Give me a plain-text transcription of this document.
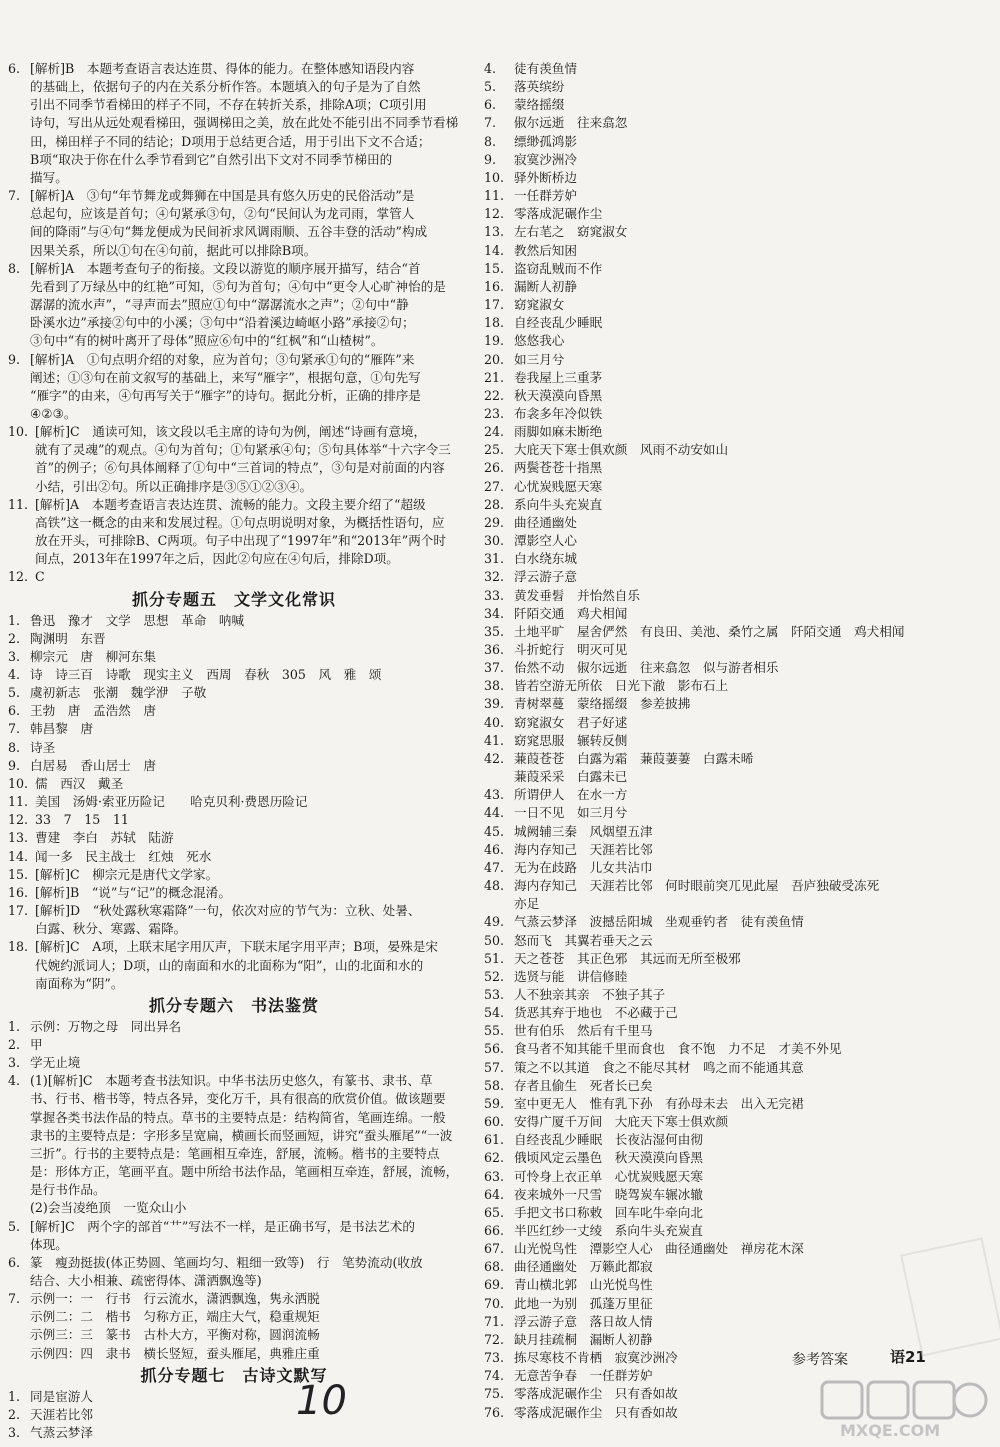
6. [解析]B　本题考查语言表达连贯、得体的能力。在整体感知语段内容
的基础上，依据句子的内在关系分析作答。本题填入的句子是为了自然
引出不同季节看梯田的样子不同，不存在转折关系，排除A项；C项引用
诗句，写出从远处观看梯田，强调梯田之美，放在此处不能引出不同季节看梯
田，梯田样子不同的结论；D项用于总结更合适，用于引出下文不合适；
B项“取决于你在什么季节看到它”自然引出下文对不同季节梯田的
描写。
7. [解析]A　③句“年节舞龙或舞狮在中国是具有悠久历史的民俗活动”是
总起句，应该是首句；④句紧承③句，②句“民间认为龙司雨，掌管人
间的降雨”与④句“舞龙便成为民间祈求风调雨顺、五谷丰登的活动”构成
因果关系，所以①句在④句前，据此可以排除B项。
8. [解析]A　本题考查句子的衔接。文段以游览的顺序展开描写，结合“首
先看到了万绿丛中的红艳”可知，⑤句为首句；④句中“更令人心旷神怡的是
潺潺的流水声”，“寻声而去”照应①句中“潺潺流水之声”；②句中“静
卧溪水边”承接②句中的小溪；③句中“沿着溪边崎岖小路”承接②句；
③句中“有的树叶离开了母体”照应⑥句中的“红枫”和“山楂树”。
9. [解析]A　①句点明介绍的对象，应为首句；③句紧承①句的“雁阵”来
阐述；①③句在前文叙写的基础上，来写“雁字”，根据句意，①句先写
“雁字”的由来，④句再写关于“雁字”的诗句。据此分析，正确的排序是
④②③。
10. [解析]C　通读可知，该文段以毛主席的诗句为例，阐述“诗画有意境，
就有了灵魂”的观点。④句为首句；①句紧承④句；⑤句具体举“十六字令三
首”的例子；⑥句具体阐释了①句中“三首词的特点”，③句是对前面的内容
小结，引出②句。所以正确排序是③⑤①②③④。
11. [解析]A　本题考查语言表达连贯、流畅的能力。文段主要介绍了“超级
高铁”这一概念的由来和发展过程。①句点明说明对象，为概括性语句，应
放在开头，可排除B、C两项。句子中出现了“1997年”和“2013年”两个时
间点，2013年在1997年之后，因此②句应在④句后，排除D项。
12. C
抓分专题五　文学文化常识
1. 鲁迅　豫才　文学　思想　革命　呐喊
2. 陶渊明　东晋
3. 柳宗元　唐　柳河东集
4. 诗　诗三百　诗歌　现实主义　西周　春秋　305　风　雅　颂
5. 虞初新志　张潮　魏学洢　子敬
6. 王勃　唐　孟浩然　唐
7. 韩昌黎　唐
8. 诗圣
9. 白居易　香山居士　唐
10. 儒　西汉　戴圣
11. 美国　汤姆·索亚历险记　　哈克贝利·费恩历险记
12. 33　7　15　11
13. 曹建　李白　苏轼　陆游
14. 闻一多　民主战士　红烛　死水
15. [解析]C　柳宗元是唐代文学家。
16. [解析]B　“说”与“记”的概念混淆。
17. [解析]D　“秋处露秋寒霜降”一句，依次对应的节气为：立秋、处暑、
白露、秋分、寒露、霜降。
18. [解析]C　A项，上联末尾字用仄声，下联末尾字用平声；B项，晏殊是宋
代婉约派词人；D项，山的南面和水的北面称为“阳”，山的北面和水的
南面称为“阴”。
抓分专题六　书法鉴赏
1. 示例：万物之母　同出异名
2. 甲
3. 学无止境
4. (1)[解析]C　本题考查书法知识。中华书法历史悠久，有篆书、隶书、草
书、行书、楷书等，特点各异，变化万千，具有很高的欣赏价值。做该题要
掌握各类书法作品的特点。草书的主要特点是：结构简省，笔画连绵。一般
隶书的主要特点是：字形多呈宽扁，横画长而竖画短，讲究“蚕头雁尾”“一波
三折”。行书的主要特点是：笔画相互牵连，舒展，流畅。楷书的主要特点
是：形体方正，笔画平直。题中所给书法作品，笔画相互牵连，舒展，流畅，
是行书作品。
(2)会当凌绝顶　一览众山小
5. [解析]C　两个字的部首“艹”写法不一样，是正确书写，是书法艺术的
体现。
6. 篆　瘦劲挺拔(体正势圆、笔画均匀、粗细一致等)　行　笔势流动(收放
结合、大小相兼、疏密得体、潇洒飘逸等)
7. 示例一：一　行书　行云流水，潇洒飘逸，隽永洒脱
示例二：二　楷书　匀称方正，端庄大气，稳重规矩
示例三：三　篆书　古朴大方，平衡对称，圆润流畅
示例四：四　隶书　横长竖短，蚕头雁尾，典雅庄重
抓分专题七　古诗文默写
1. 同是宦游人
2. 天涯若比邻
3. 气蒸云梦泽
4. 徒有羡鱼情
5. 落英缤纷
6. 蒙络摇缀
7. 俶尔远逝　往来翕忽
8. 缥缈孤鸿影
9. 寂寞沙洲冷
10. 驿外断桥边
11. 一任群芳妒
12. 零落成泥碾作尘
13. 左右芼之　窈窕淑女
14. 教然后知困
15. 盗窃乱贼而不作
16. 漏断人初静
17. 窈窕淑女
18. 自经丧乱少睡眠
19. 悠悠我心
20. 如三月兮
21. 卷我屋上三重茅
22. 秋天漠漠向昏黑
23. 布衾多年冷似铁
24. 雨脚如麻未断绝
25. 大庇天下寒士俱欢颜　风雨不动安如山
26. 两鬓苍苍十指黑
27. 心忧炭贱愿天寒
28. 系向牛头充炭直
29. 曲径通幽处
30. 潭影空人心
31. 白水绕东城
32. 浮云游子意
33. 黄发垂髫　并怡然自乐
34. 阡陌交通　鸡犬相闻
35. 土地平旷　屋舍俨然　有良田、美池、桑竹之属　阡陌交通　鸡犬相闻
36. 斗折蛇行　明灭可见
37. 佁然不动　俶尔远逝　往来翕忽　似与游者相乐
38. 皆若空游无所依　日光下澈　影布石上
39. 青树翠蔓　蒙络摇缀　参差披拂
40. 窈窕淑女　君子好逑
41. 窈窕思服　辗转反侧
42. 蒹葭苍苍　白露为霜　蒹葭萋萋　白露未晞
蒹葭采采　白露未已
43. 所谓伊人　在水一方
44. 一日不见　如三月兮
45. 城阙辅三秦　风烟望五津
46. 海内存知己　天涯若比邻
47. 无为在歧路　儿女共沾巾
48. 海内存知己　天涯若比邻　何时眼前突兀见此屋　吾庐独破受冻死
亦足
49. 气蒸云梦泽　波撼岳阳城　坐观垂钓者　徒有羡鱼情
50. 怒而飞　其翼若垂天之云
51. 天之苍苍　其正色邪　其远而无所至极邪
52. 选贤与能　讲信修睦
53. 人不独亲其亲　不独子其子
54. 货恶其弃于地也　不必藏于己
55. 世有伯乐　然后有千里马
56. 食马者不知其能千里而食也　食不饱　力不足　才美不外见
57. 策之不以其道　食之不能尽其材　鸣之而不能通其意
58. 存者且偷生　死者长已矣
59. 室中更无人　惟有乳下孙　有孙母未去　出入无完裙
60. 安得广厦千万间　大庇天下寒士俱欢颜
61. 自经丧乱少睡眠　长夜沾湿何由彻
62. 俄顷风定云墨色　秋天漠漠向昏黑
63. 可怜身上衣正单　心忧炭贱愿天寒
64. 夜来城外一尺雪　晓驾炭车辗冰辙
65. 手把文书口称敕　回车叱牛牵向北
66. 半匹红纱一丈绫　系向牛头充炭直
67. 山光悦鸟性　潭影空人心　曲径通幽处　禅房花木深
68. 曲径通幽处　万籁此都寂
69. 青山横北郭　山光悦鸟性
70. 此地一为别　孤蓬万里征
71. 浮云游子意　落日故人情
72. 缺月挂疏桐　漏断人初静
73. 拣尽寒枝不肯栖　寂寞沙洲冷
74. 无意苦争春　一任群芳妒
75. 零落成泥碾作尘　只有香如故
76. 零落成泥碾作尘　只有香如故
参考答案	语21
10
MXQE.COM
